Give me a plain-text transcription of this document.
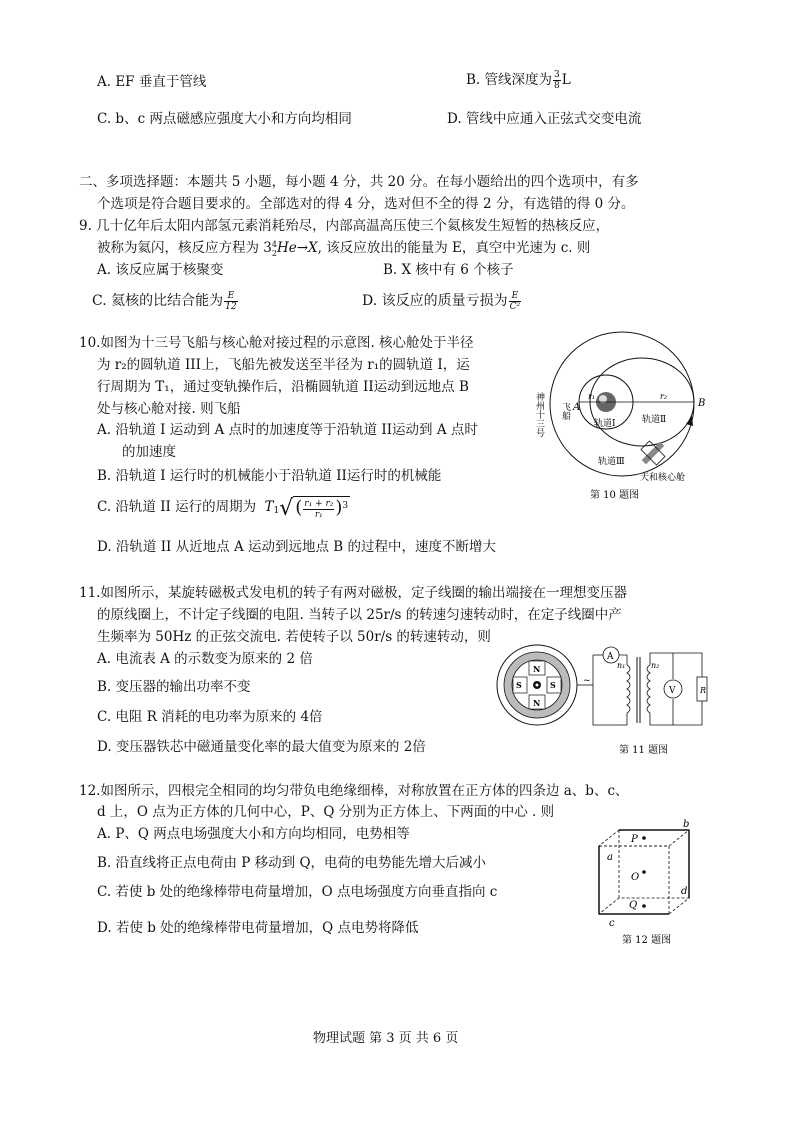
A. EF 垂直于管线	B. 管线深度为 $\frac{3}{8}$ L
C. b、c 两点磁感应强度大小和方向均相同	D. 管线中应通入正弦式交变电流
二、多项选择题：本题共 5 小题，每小题 4 分，共 20 分。在每小题给出的四个选项中，有多
个选项是符合题目要求的。全部选对的得 4 分，选对但不全的得 2 分，有选错的得 0 分。
9. 几十亿年后太阳内部氢元素消耗殆尽，内部高温高压使三个氦核发生短暂的热核反应，
被称为氦闪，核反应方程为 3 4
2 He→X, 该反应放出的能量为 E，真空中光速为 c. 则
A. 该反应属于核聚变	B. X 核中有 6 个核子
C. 氦核的比结合能为 $\frac{E}{12}$	D. 该反应的质量亏损为 $\frac{E}{\text{C²}}$
10.如图为十三号飞船与核心舱对接过程的示意图. 核心舱处于半径
为 r₂的圆轨道 III上，飞船先被发送至半径为 r₁的圆轨道 I，运
行周期为 T₁，通过变轨操作后，沿椭圆轨道 II运动到远地点 B
处与核心舱对接. 则飞船
A. 沿轨道 I 运动到 A 点时的加速度等于沿轨道 II运动到 A 点时
的加速度
B. 沿轨道 I 运行时的机械能小于沿轨道 II运行时的机械能
C. 沿轨道 II 运行的周期为 $T_1√$ ( $\frac{\text{r₁ + r₂}}{\text{r₁}} )^3$
D. 沿轨道 II 从近地点 A 运动到远地点 B 的过程中，速度不断增大
神州十三号 飞船 A	B
r₁	r₂
轨道Ⅰ	轨道Ⅱ
轨道Ⅲ
天和核心舱
第 10 题图
11.如图所示，某旋转磁极式发电机的转子有两对磁极，定子线圈的输出端接在一理想变压器
的原线圈上，不计定子线圈的电阻. 当转子以 25r/s 的转速匀速转动时，在定子线圈中产
生频率为 50Hz 的正弦交流电. 若使转子以 50r/s 的转速转动，则
A. 电流表 A 的示数变为原来的 2 倍
B. 变压器的输出功率不变
C. 电阻 R 消耗的电功率为原来的 4倍
D. 变压器铁芯中磁通量变化率的最大值变为原来的 2倍
N
N
S	S	~
A
n₁	n₂
V	R
第 11 题图
12.如图所示，四根完全相同的均匀带负电绝缘细棒，对称放置在正方体的四条边 a、b、c、
d 上，O 点为正方体的几何中心，P、Q 分别为正方体上、下两面的中心 . 则
A. P、Q 两点电场强度大小和方向均相同，电势相等
B. 沿直线将正点电荷由 P 移动到 Q，电荷的电势能先增大后减小
C. 若使 b 处的绝缘棒带电荷量增加，O 点电场强度方向垂直指向 c
D. 若使 b 处的绝缘棒带电荷量增加，Q 点电势将降低
P
O
Q
a
b
c
d
第 12 题图
物理试题 第 3 页 共 6 页
